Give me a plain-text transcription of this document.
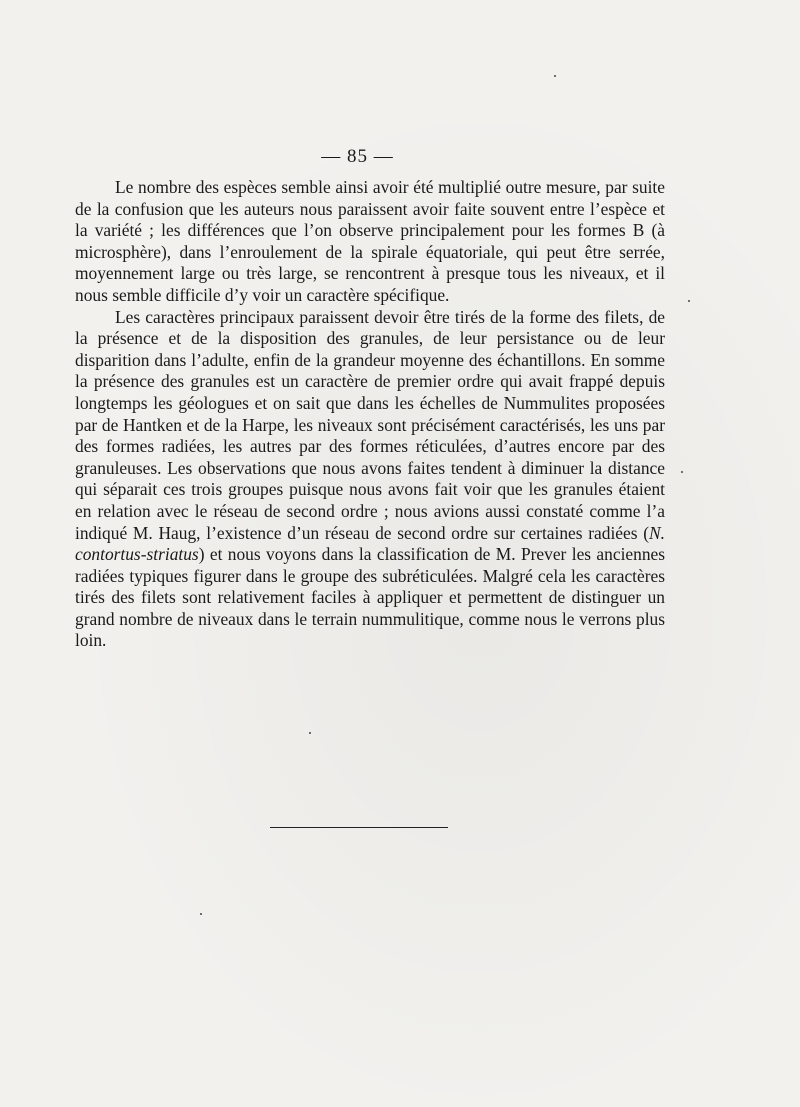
— 85 —

Le nombre des espèces semble ainsi avoir été multiplié outre mesure, par suite de la confusion que les auteurs nous paraissent avoir faite souvent entre l’espèce et la variété ; les différences que l’on observe principalement pour les formes B (à microsphère), dans l’enroulement de la spirale équatoriale, qui peut être serrée, moyennement large ou très large, se rencontrent à presque tous les niveaux, et il nous semble difficile d’y voir un caractère spécifique.

Les caractères principaux paraissent devoir être tirés de la forme des filets, de la présence et de la disposition des granules, de leur persistance ou de leur disparition dans l’adulte, enfin de la grandeur moyenne des échantillons. En somme la présence des granules est un caractère de premier ordre qui avait frappé depuis longtemps les géologues et on sait que dans les échelles de Nummulites proposées par de Hantken et de la Harpe, les niveaux sont précisément caractérisés, les uns par des formes radiées, les autres par des formes réticulées, d’autres encore par des granuleuses. Les observations que nous avons faites tendent à diminuer la distance qui séparait ces trois groupes puisque nous avons fait voir que les granules étaient en relation avec le réseau de second ordre ; nous avions aussi constaté comme l’a indiqué M. Haug, l’existence d’un réseau de second ordre sur certaines radiées (N. contortus-striatus) et nous voyons dans la classification de M. Prever les anciennes radiées typiques figurer dans le groupe des subréticulées. Malgré cela les caractères tirés des filets sont relativement faciles à appliquer et permettent de distinguer un grand nombre de niveaux dans le terrain nummulitique, comme nous le verrons plus loin.
